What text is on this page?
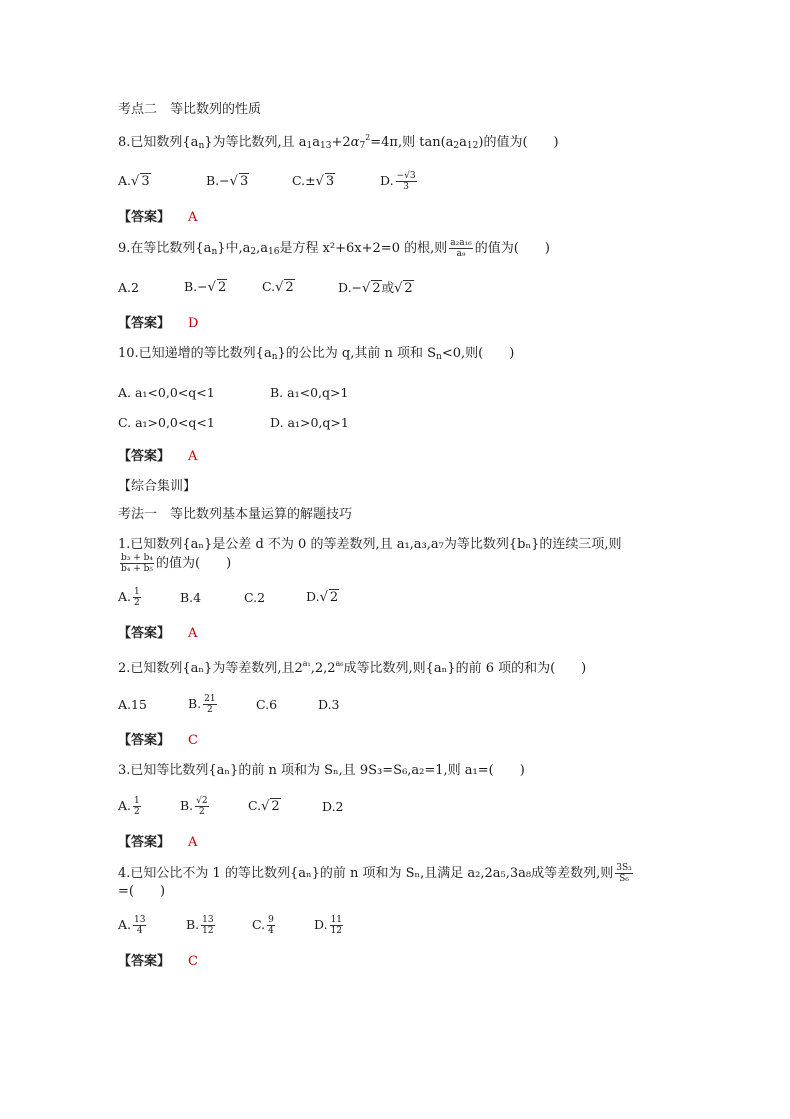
考点二　等比数列的性质
8.已知数列{an}为等比数列,且 $a1a13+2\alpha 7^2=4\pi$,则 tan(a2a12)的值为(　　)
A.√ 3	B.−√ 3	C.±√ 3	D. $\frac{-√3}{3}$
【答案】 A
9.在等比数列{an}中,a2,a16是方程 x²+6x+2=0 的根,则 $\frac{\text{a₂a₁₆}}{\text{a₉}}$ 的值为(　　)
A.2	B.−√ 2	C.√ 2	D.−√ 2或√ 2
【答案】 D
10.已知递增的等比数列{an}的公比为 q,其前 n 项和 Sn<0,则(　　)
A. a₁<0,0<q<1	B. a₁<0,q>1
C. a₁>0,0<q<1	D. a₁>0,q>1
【答案】 A
【综合集训】
考法一　等比数列基本量运算的解题技巧
1.已知数列{aₙ}是公差 d 不为 0 的等差数列,且 a₁,a₃,a₇为等比数列{bₙ}的连续三项,则
$\frac{\text{b₃ + b₄}}{\text{b₄ + b₅}}$ 的值为(　　)
A. $\frac{1}{2}$	B.4	C.2	D.√ 2
【答案】 A
2.已知数列{aₙ}为等差数列,且$2^{a_1},2,2^{a_6}$成等比数列,则{aₙ}的前 6 项的和为(　　)
A.15	B. $\frac{21}{2}$	C.6	D.3
【答案】 C
3.已知等比数列{aₙ}的前 n 项和为 Sₙ,且 9S₃=S₆,a₂=1,则 a₁=(　　)
A. $\frac{1}{2}$	B. $\frac{√2}{2}$	C.√ 2	D.2
【答案】 A
4.已知公比不为 1 的等比数列{aₙ}的前 n 项和为 Sₙ,且满足 a₂,2a₅,3a₈成等差数列,则 $\frac{\text{3S₃}}{\text{S₆}}$
=(　　)
A. $\frac{13}{4}$	B. $\frac{13}{12}$	C. $\frac{9}{4}$	D. $\frac{11}{12}$
【答案】 C
